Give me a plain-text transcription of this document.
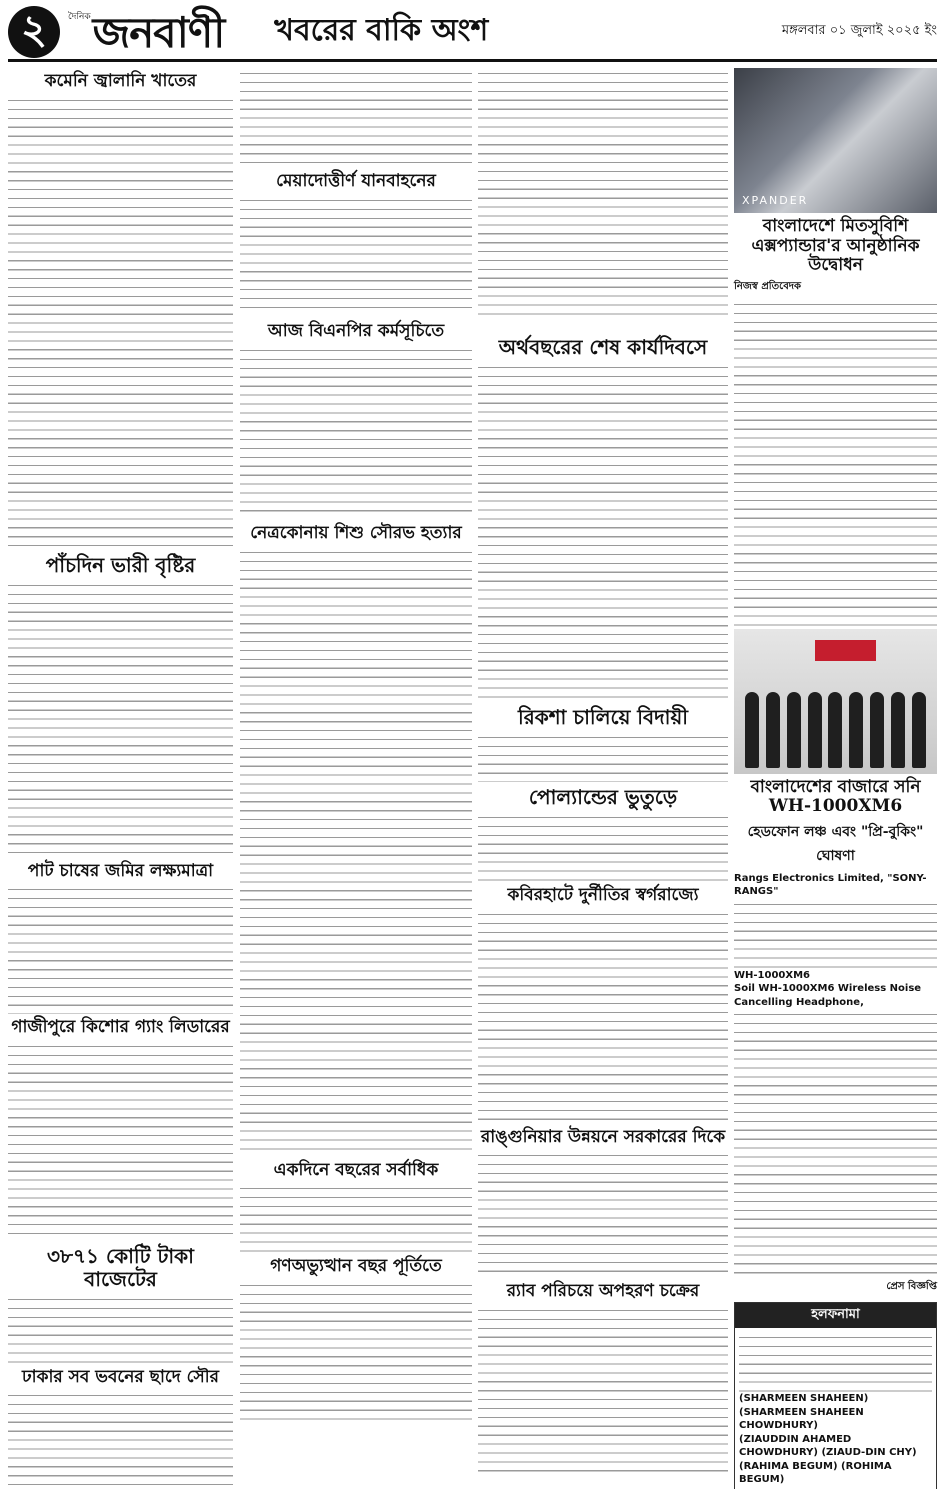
২	দৈনিক জনবাণী খবরের বাকি অংশ	মঙ্গলবার ০১ জুলাই ২০২৫ ইং
কমেনি জ্বালানি খাতের
পাঁচদিন ভারী বৃষ্টির
পাট চাষের জমির লক্ষ্যমাত্রা
গাজীপুরে কিশোর গ্যাং লিডারের
৩৮৭১ কোটি টাকা বাজেটের
ঢাকার সব ভবনের ছাদে সৌর
মেয়াদোত্তীর্ণ যানবাহনের
আজ বিএনপির কর্মসূচিতে
অর্থবছরের শেষ কার্যদিবসে
রিকশা চালিয়ে বিদায়ী
পোল্যান্ডের ভুতুড়ে
কবিরহাটে দুর্নীতির স্বর্গরাজ্যে
রাঙ্গুনিয়ার উন্নয়নে সরকারের দিকে
র‍্যাব পরিচয়ে অপহরণ চক্রের
নেত্রকোনায় শিশু সৌরভ হত্যার
একদিনে বছরের সর্বাধিক
গণঅভ্যুত্থান বছর পূর্তিতে
XPANDER
বাংলাদেশে মিতসুবিশি এক্সপ্যান্ডার'র আনুষ্ঠানিক উদ্বোধন
নিজস্ব প্রতিবেদক
বাংলাদেশের বাজারে সনি WH-1000XM6
হেডফোন লঞ্চ এবং "প্রি-বুকিং" ঘোষণা
Rangs Electronics Limited, "SONY-RANGS"
WH-1000XM6
Soil WH-1000XM6 Wireless Noise Cancelling Headphone,
প্রেস বিজ্ঞপ্তি
হলফনামা
(SHARMEEN SHAHEEN) (SHARMEEN SHAHEEN CHOWDHURY)
(ZIAUDDIN AHAMED CHOWDHURY) (ZIAUD-DIN CHY)
(RAHIMA BEGUM) (ROHIMA BEGUM)
